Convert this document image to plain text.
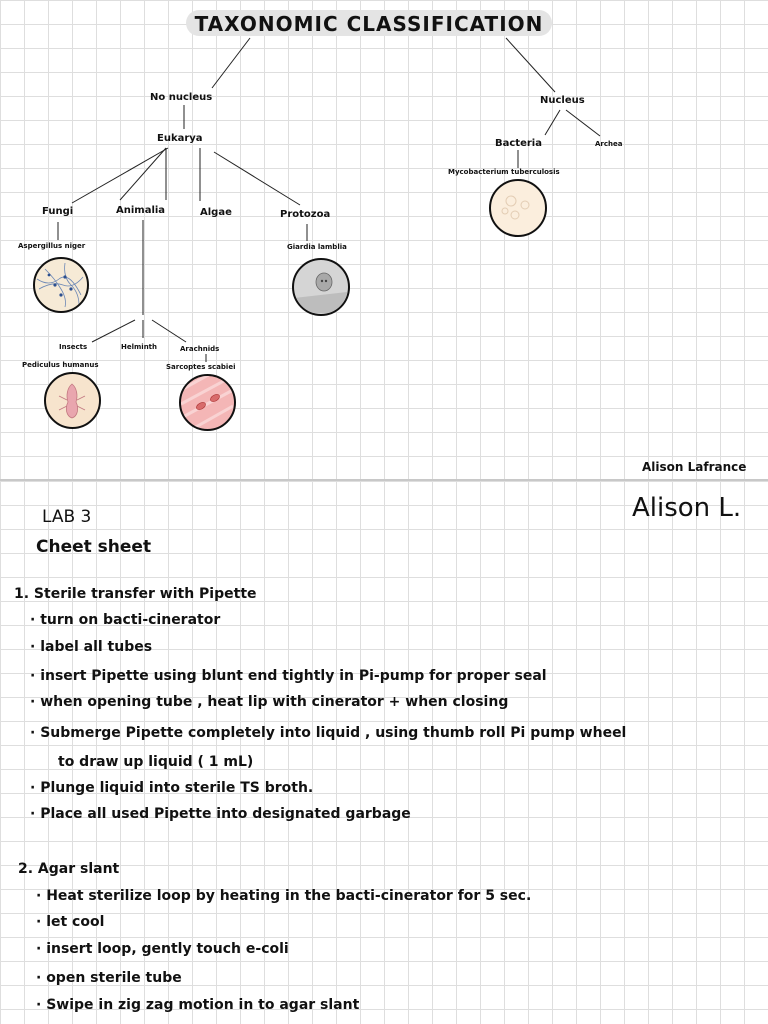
TAXONOMIC CLASSIFICATION
No nucleus
Eukarya
Fungi
Aspergillus niger
Animalia	Algae	Protozoa
Giardia lamblia
Insects
Pediculus humanus
Helminth	Arachnids
Sarcoptes scabiei
Nucleus
Bacteria	Archea
Mycobacterium tuberculosis
Alison Lafrance
Alison L.
LAB 3
Cheet sheet
1. Sterile transfer with Pipette
· turn on bacti-cinerator
· label all tubes
· insert Pipette using blunt end tightly in Pi-pump for proper seal
· when opening tube , heat lip with cinerator + when closing
· Submerge Pipette completely into liquid , using thumb roll Pi pump wheel
to draw up liquid ( 1 mL)
· Plunge liquid into sterile TS broth.
· Place all used Pipette into designated garbage
2. Agar slant
· Heat sterilize loop by heating in the bacti-cinerator for 5 sec.
· let cool
· insert loop, gently touch e-coli
· open sterile tube
· Swipe in zig zag motion in to agar slant
